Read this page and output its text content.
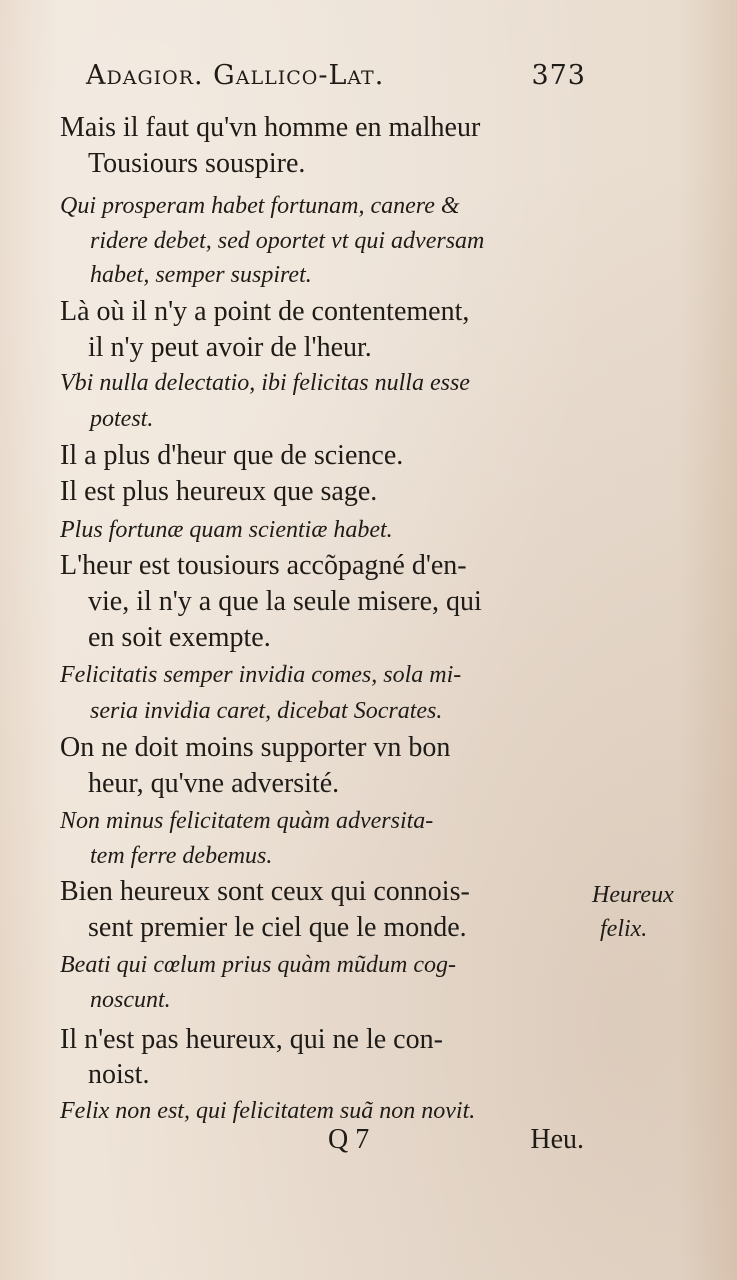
Adagior. Gallico-Lat.	373
Mais il faut qu'vn homme en malheur
Tousiours souspire.
Qui prosperam habet fortunam, canere &
ridere debet, sed oportet vt qui adversam
habet, semper suspiret.
Là où il n'y a point de contentement,
il n'y peut avoir de l'heur.
Vbi nulla delectatio, ibi felicitas nulla esse
potest.
Il a plus d'heur que de science.
Il est plus heureux que sage.
Plus fortunæ quam scientiæ habet.
L'heur est tousiours accõpagné d'en-
vie, il n'y a que la seule misere, qui
en soit exempte.
Felicitatis semper invidia comes, sola mi-
seria invidia caret, dicebat Socrates.
On ne doit moins supporter vn bon
heur, qu'vne adversité.
Non minus felicitatem quàm adversita-
tem ferre debemus.
Bien heureux sont ceux qui connois-
sent premier le ciel que le monde.
Heureux
felix.
Beati qui cœlum prius quàm mũdum cog-
noscunt.
Il n'est pas heureux, qui ne le con-
noist.
Felix non est, qui felicitatem suã non novit.
Q 7	Heu.
